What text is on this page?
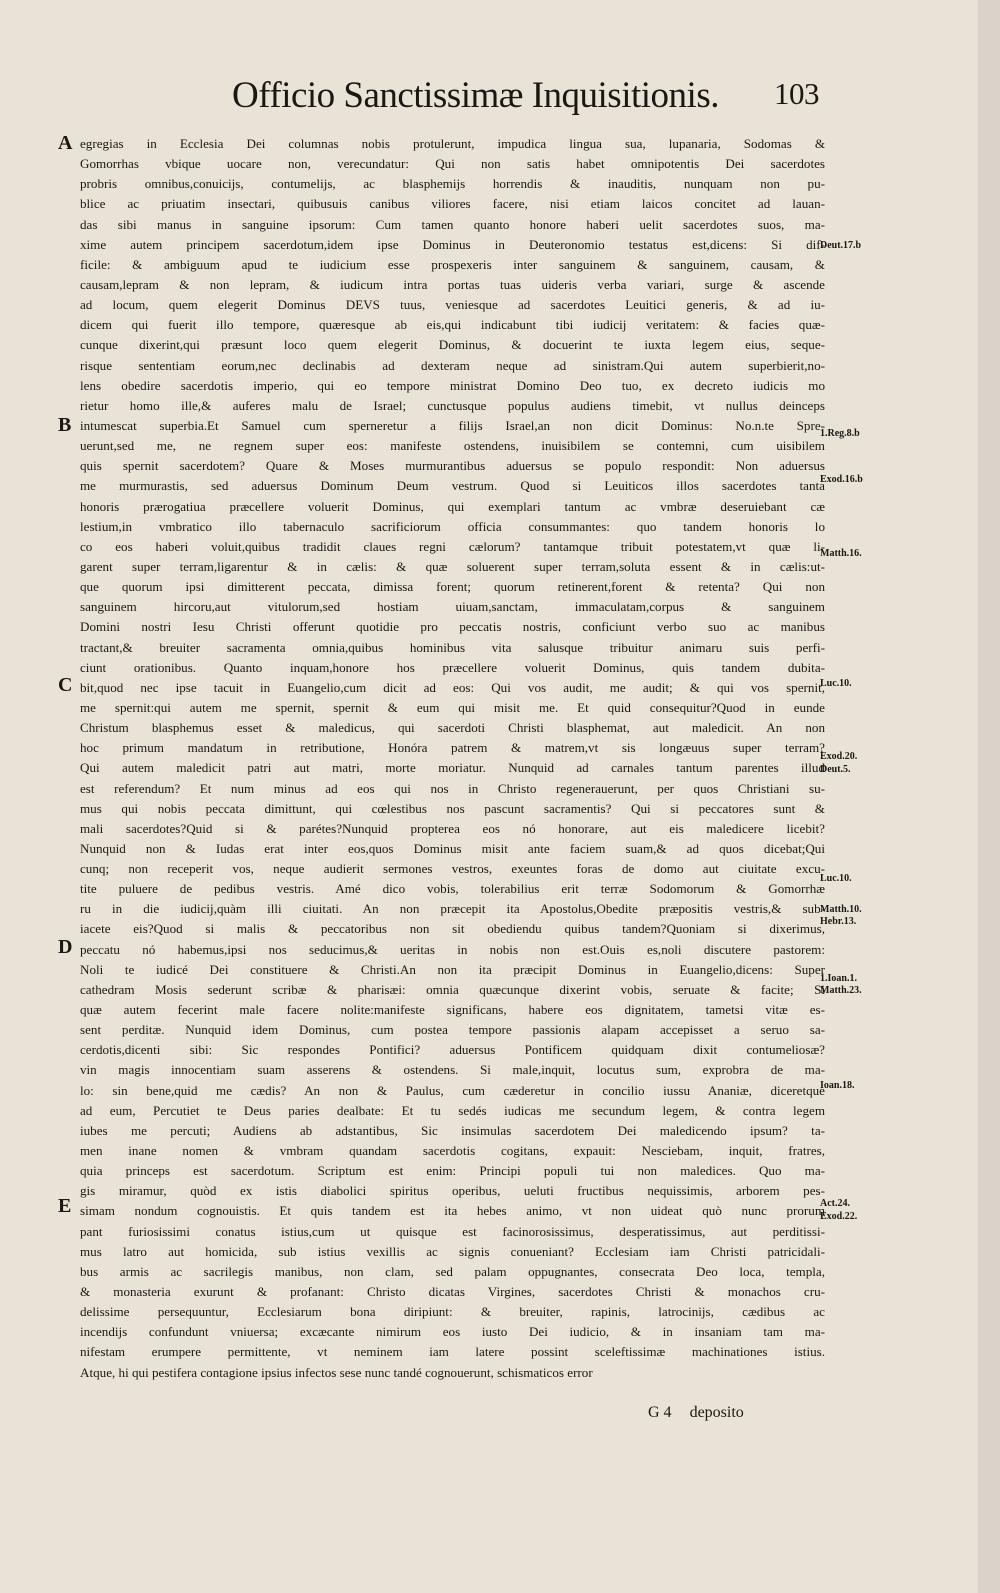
Officio Sanctissimæ Inquisitionis. 103
A
B
C
D
E
egregias in Ecclesia Dei columnas nobis protulerunt, impudica lingua sua, lupanaria, Sodomas &
Gomorrhas vbique uocare non, verecundatur: Qui non satis habet omnipotentis Dei sacerdotes
probris omnibus,conuicijs, contumelijs, ac blasphemijs horrendis & inauditis, nunquam non pu-
blice ac priuatim insectari, quibusuis canibus viliores facere, nisi etiam laicos concitet ad lauan-
das sibi manus in sanguine ipsorum: Cum tamen quanto honore haberi uelit sacerdotes suos, ma-
xime autem principem sacerdotum,idem ipse Dominus in Deuteronomio testatus est,dicens: Si dif-
ficile: & ambiguum apud te iudicium esse prospexeris inter sanguinem & sanguinem, causam, &
causam,lepram & non lepram, & iudicum intra portas tuas uideris verba variari, surge & ascende
ad locum, quem elegerit Dominus DEVS tuus, veniesque ad sacerdotes Leuitici generis, & ad iu-
dicem qui fuerit illo tempore, quæresque ab eis,qui indicabunt tibi iudicij veritatem: & facies quæ-
cunque dixerint,qui præsunt loco quem elegerit Dominus, & docuerint te iuxta legem eius, seque-
risque sententiam eorum,nec declinabis ad dexteram neque ad sinistram.Qui autem superbierit,no-
lens obedire sacerdotis imperio, qui eo tempore ministrat Domino Deo tuo, ex decreto iudicis mo
rietur homo ille,& auferes malu de Israel; cunctusque populus audiens timebit, vt nullus deinceps
intumescat superbia.Et Samuel cum sperneretur a filijs Israel,an non dicit Dominus: No.n.te Spre-
uerunt,sed me, ne regnem super eos: manifeste ostendens, inuisibilem se contemni, cum uisibilem
quis spernit sacerdotem? Quare & Moses murmurantibus aduersus se populo respondit: Non aduersus
me murmurastis, sed aduersus Dominum Deum vestrum. Quod si Leuiticos illos sacerdotes tanta
honoris prærogatiua præcellere voluerit Dominus, qui exemplari tantum ac vmbræ deseruiebant cæ
lestium,in vmbratico illo tabernaculo sacrificiorum officia consummantes: quo tandem honoris lo
co eos haberi voluit,quibus tradidit claues regni cælorum? tantamque tribuit potestatem,vt quæ li-
garent super terram,ligarentur & in cælis: & quæ soluerent super terram,soluta essent & in cælis:ut-
que quorum ipsi dimitterent peccata, dimissa forent; quorum retinerent,forent & retenta? Qui non
sanguinem hircoru,aut vitulorum,sed hostiam uiuam,sanctam, immaculatam,corpus & sanguinem
Domini nostri Iesu Christi offerunt quotidie pro peccatis nostris, conficiunt verbo suo ac manibus
tractant,& breuiter sacramenta omnia,quibus hominibus vita salusque tribuitur animaru suis perfi-
ciunt orationibus. Quanto inquam,honore hos præcellere voluerit Dominus, quis tandem dubita-
bit,quod nec ipse tacuit in Euangelio,cum dicit ad eos: Qui vos audit, me audit; & qui vos spernit,
me spernit:qui autem me spernit, spernit & eum qui misit me. Et quid consequitur?Quod in eunde
Christum blasphemus esset & maledicus, qui sacerdoti Christi blasphemat, aut maledicit. An non
hoc primum mandatum in retributione, Honóra patrem & matrem,vt sis longæuus super terram?
Qui autem maledicit patri aut matri, morte moriatur. Nunquid ad carnales tantum parentes illud
est referendum? Et num minus ad eos qui nos in Christo regenerauerunt, per quos Christiani su-
mus qui nobis peccata dimittunt, qui cœlestibus nos pascunt sacramentis? Qui si peccatores sunt &
mali sacerdotes?Quid si & parétes?Nunquid propterea eos nó honorare, aut eis maledicere licebit?
Nunquid non & Iudas erat inter eos,quos Dominus misit ante faciem suam,& ad quos dicebat;Qui
cunq; non receperit vos, neque audierit sermones vestros, exeuntes foras de domo aut ciuitate excu-
tite puluere de pedibus vestris. Amé dico vobis, tolerabilius erit terræ Sodomorum & Gomorrhæ
ru in die iudicij,quàm illi ciuitati. An non præcepit ita Apostolus,Obedite præpositis vestris,& sub-
iacete eis?Quod si malis & peccatoribus non sit obediendu quibus tandem?Quoniam si dixerimus,
peccatu nó habemus,ipsi nos seducimus,& ueritas in nobis non est.Ouis es,noli discutere pastorem:
Noli te iudicé Dei constituere & Christi.An non ita præcipit Dominus in Euangelio,dicens: Super
cathedram Mosis sederunt scribæ & pharisæi: omnia quæcunque dixerint vobis, seruate & facite; Si
quæ autem fecerint male facere nolite:manifeste significans, habere eos dignitatem, tametsi vitæ es-
sent perditæ. Nunquid idem Dominus, cum postea tempore passionis alapam accepisset a seruo sa-
cerdotis,dicenti sibi: Sic respondes Pontifici? aduersus Pontificem quidquam dixit contumeliosæ?
vin magis innocentiam suam asserens & ostendens. Si male,inquit, locutus sum, exprobra de ma-
lo: sin bene,quid me cædis? An non & Paulus, cum cæderetur in concilio iussu Ananiæ, diceretque
ad eum, Percutiet te Deus paries dealbate: Et tu sedés iudicas me secundum legem, & contra legem
iubes me percuti; Audiens ab adstantibus, Sic insimulas sacerdotem Dei maledicendo ipsum? ta-
men inane nomen & vmbram quandam sacerdotis cogitans, expauit: Nesciebam, inquit, fratres,
quia princeps est sacerdotum. Scriptum est enim: Principi populi tui non maledices. Quo ma-
gis miramur, quòd ex istis diabolici spiritus operibus, ueluti fructibus nequissimis, arborem pes-
simam nondum cognouistis. Et quis tandem est ita hebes animo, vt non uideat quò nunc prorum
pant furiosissimi conatus istius,cum ut quisque est facinorosissimus, desperatissimus, aut perditissi-
mus latro aut homicida, sub istius vexillis ac signis conueniant? Ecclesiam iam Christi patricidali-
bus armis ac sacrilegis manibus, non clam, sed palam oppugnantes, consecrata Deo loca, templa,
& monasteria exurunt & profanant: Christo dicatas Virgines, sacerdotes Christi & monachos cru-
delissime persequuntur, Ecclesiarum bona diripiunt: & breuiter, rapinis, latrocinijs, cædibus ac
incendijs confundunt vniuersa; excæcante nimirum eos iusto Dei iudicio, & in insaniam tam ma-
nifestam erumpere permittente, vt neminem iam latere possint sceleftissimæ machinationes istius.
Atque, hi qui pestifera contagione ipsius infectos sese nunc tandé cognouerunt, schismaticos error
Deut.17.b
1.Reg.8.b
Exod.16.b
Matth.16.
Luc.10.
Exod.20.
Deut.5.
Luc.10.
Matth.10.
Hebr.13.
1.Ioan.1.
Matth.23.
Ioan.18.
Act.24.
Exod.22.
G 4 deposito
